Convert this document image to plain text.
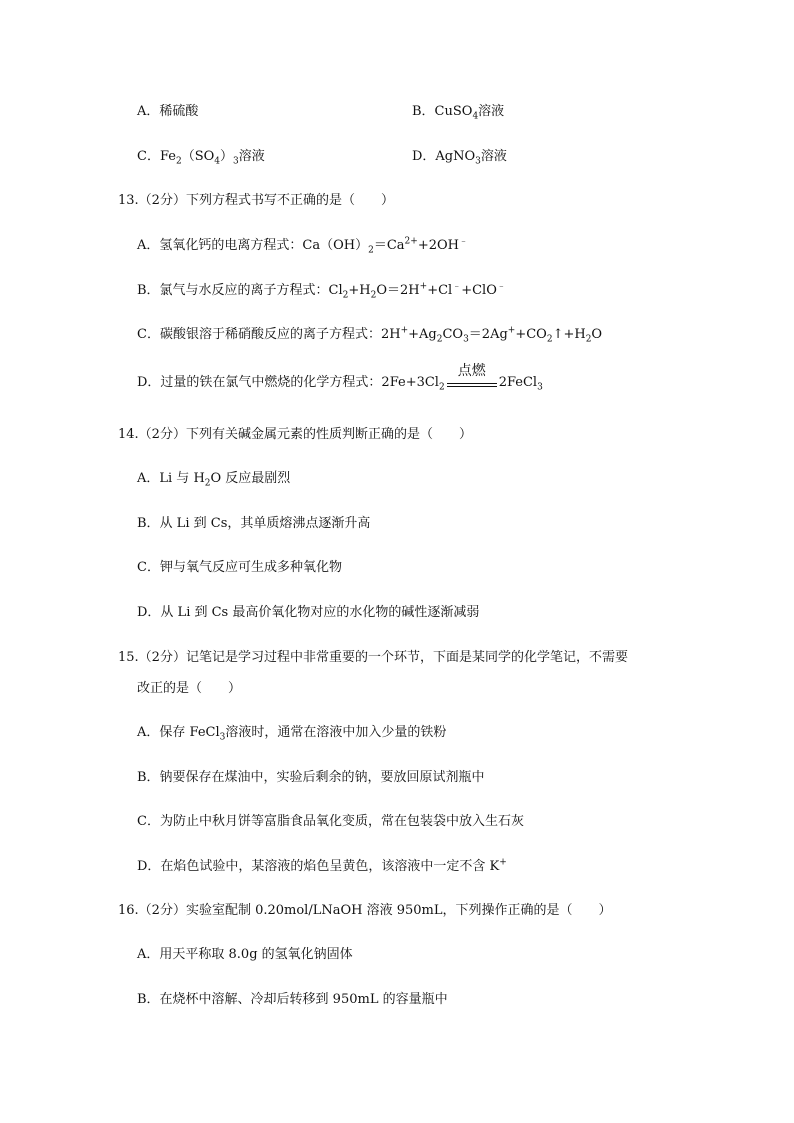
A．稀硫酸	B．CuSO$_4$溶液
C．$Fe_2(SO_4)_3$溶液	D．AgNO$_3$溶液
13.（2分）下列方程式书写不正确的是（　　）
A．氢氧化钙的电离方程式：$Ca(OH)_2=Ca^{2+}+2OH^﹣$
B．氯气与水反应的离子方程式：$Cl_2+H_2O=2H^++Cl^﹣+ClO^﹣$
C．碳酸银溶于稀硝酸反应的离子方程式：$2H^++Ag_2CO_3=2Ag^++CO_2↑+H_2O$
D．过量的铁在氯气中燃烧的化学方程式：$2Fe+3Cl_2$
点燃
2FeCl$_3$
14.（2分）下列有关碱金属元素的性质判断正确的是（　　）
A．Li 与 $H_2O$ 反应最剧烈
B．从 Li 到 Cs，其单质熔沸点逐渐升高
C．钾与氧气反应可生成多种氧化物
D．从 Li 到 Cs 最高价氧化物对应的水化物的碱性逐渐减弱
15.（2分）记笔记是学习过程中非常重要的一个环节，下面是某同学的化学笔记，不需要
改正的是（　　）
A．保存 FeCl$_3$溶液时，通常在溶液中加入少量的铁粉
B．钠要保存在煤油中，实验后剩余的钠，要放回原试剂瓶中
C．为防止中秋月饼等富脂食品氧化变质，常在包装袋中放入生石灰
D．在焰色试验中，某溶液的焰色呈黄色，该溶液中一定不含 K+
16.（2分）实验室配制 0.20mol/LNaOH 溶液 950mL，下列操作正确的是（　　）
A．用天平称取 8.0g 的氢氧化钠固体
B．在烧杯中溶解、冷却后转移到 950mL 的容量瓶中
